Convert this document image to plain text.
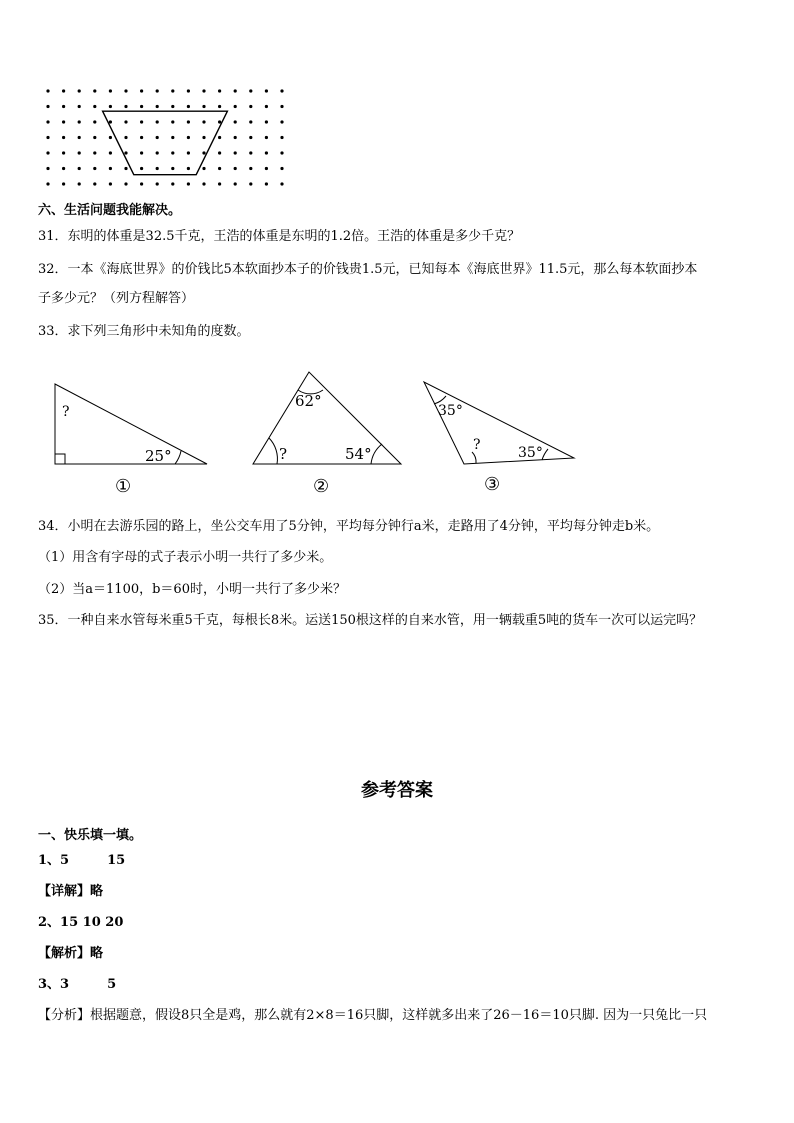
六、生活问题我能解决。
31．东明的体重是32.5千克，王浩的体重是东明的1.2倍。王浩的体重是多少千克？
32．一本《海底世界》的价钱比5本软面抄本子的价钱贵1.5元，已知每本《海底世界》11.5元，那么每本软面抄本
子多少元？（列方程解答）
33．求下列三角形中未知角的度数。
?
25°
①
62°
?	54°
②
35°
?	35°
③
34．小明在去游乐园的路上，坐公交车用了5分钟，平均每分钟行a米，走路用了4分钟，平均每分钟走b米。
（1）用含有字母的式子表示小明一共行了多少米。
（2）当a＝1100，b＝60时，小明一共行了多少米？
35．一种自来水管每米重5千克，每根长8米。运送150根这样的自来水管，用一辆载重5吨的货车一次可以运完吗？
参考答案
一、快乐填一填。
1、5	15
【详解】略
2、15 10 20
【解析】略
3、3	5
【分析】根据题意，假设8只全是鸡，那么就有2×8＝16只脚，这样就多出来了26－16＝10只脚. 因为一只兔比一只
